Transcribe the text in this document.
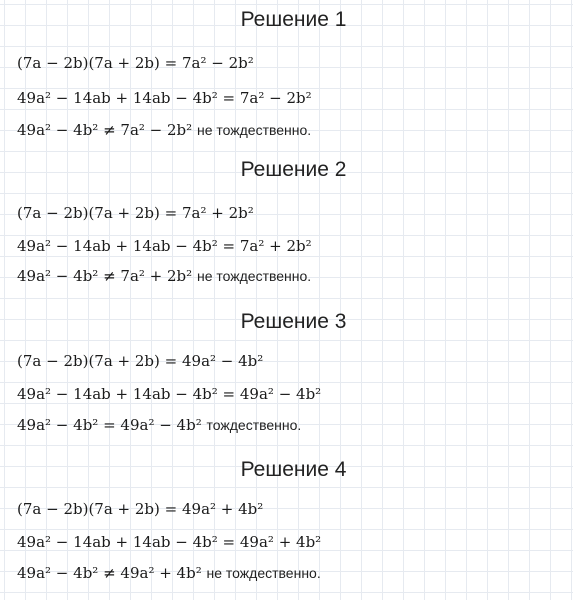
Решение 1
(7a − 2b)(7a + 2b) = 7a² − 2b²
49a² − 14ab + 14ab − 4b² = 7a² − 2b²
49a² − 4b² ≠ 7a² − 2b² не тождественно.
Решение 2
(7a − 2b)(7a + 2b) = 7a² + 2b²
49a² − 14ab + 14ab − 4b² = 7a² + 2b²
49a² − 4b² ≠ 7a² + 2b² не тождественно.
Решение 3
(7a − 2b)(7a + 2b) = 49a² − 4b²
49a² − 14ab + 14ab − 4b² = 49a² − 4b²
49a² − 4b² = 49a² − 4b² тождественно.
Решение 4
(7a − 2b)(7a + 2b) = 49a² + 4b²
49a² − 14ab + 14ab − 4b² = 49a² + 4b²
49a² − 4b² ≠ 49a² + 4b² не тождественно.
